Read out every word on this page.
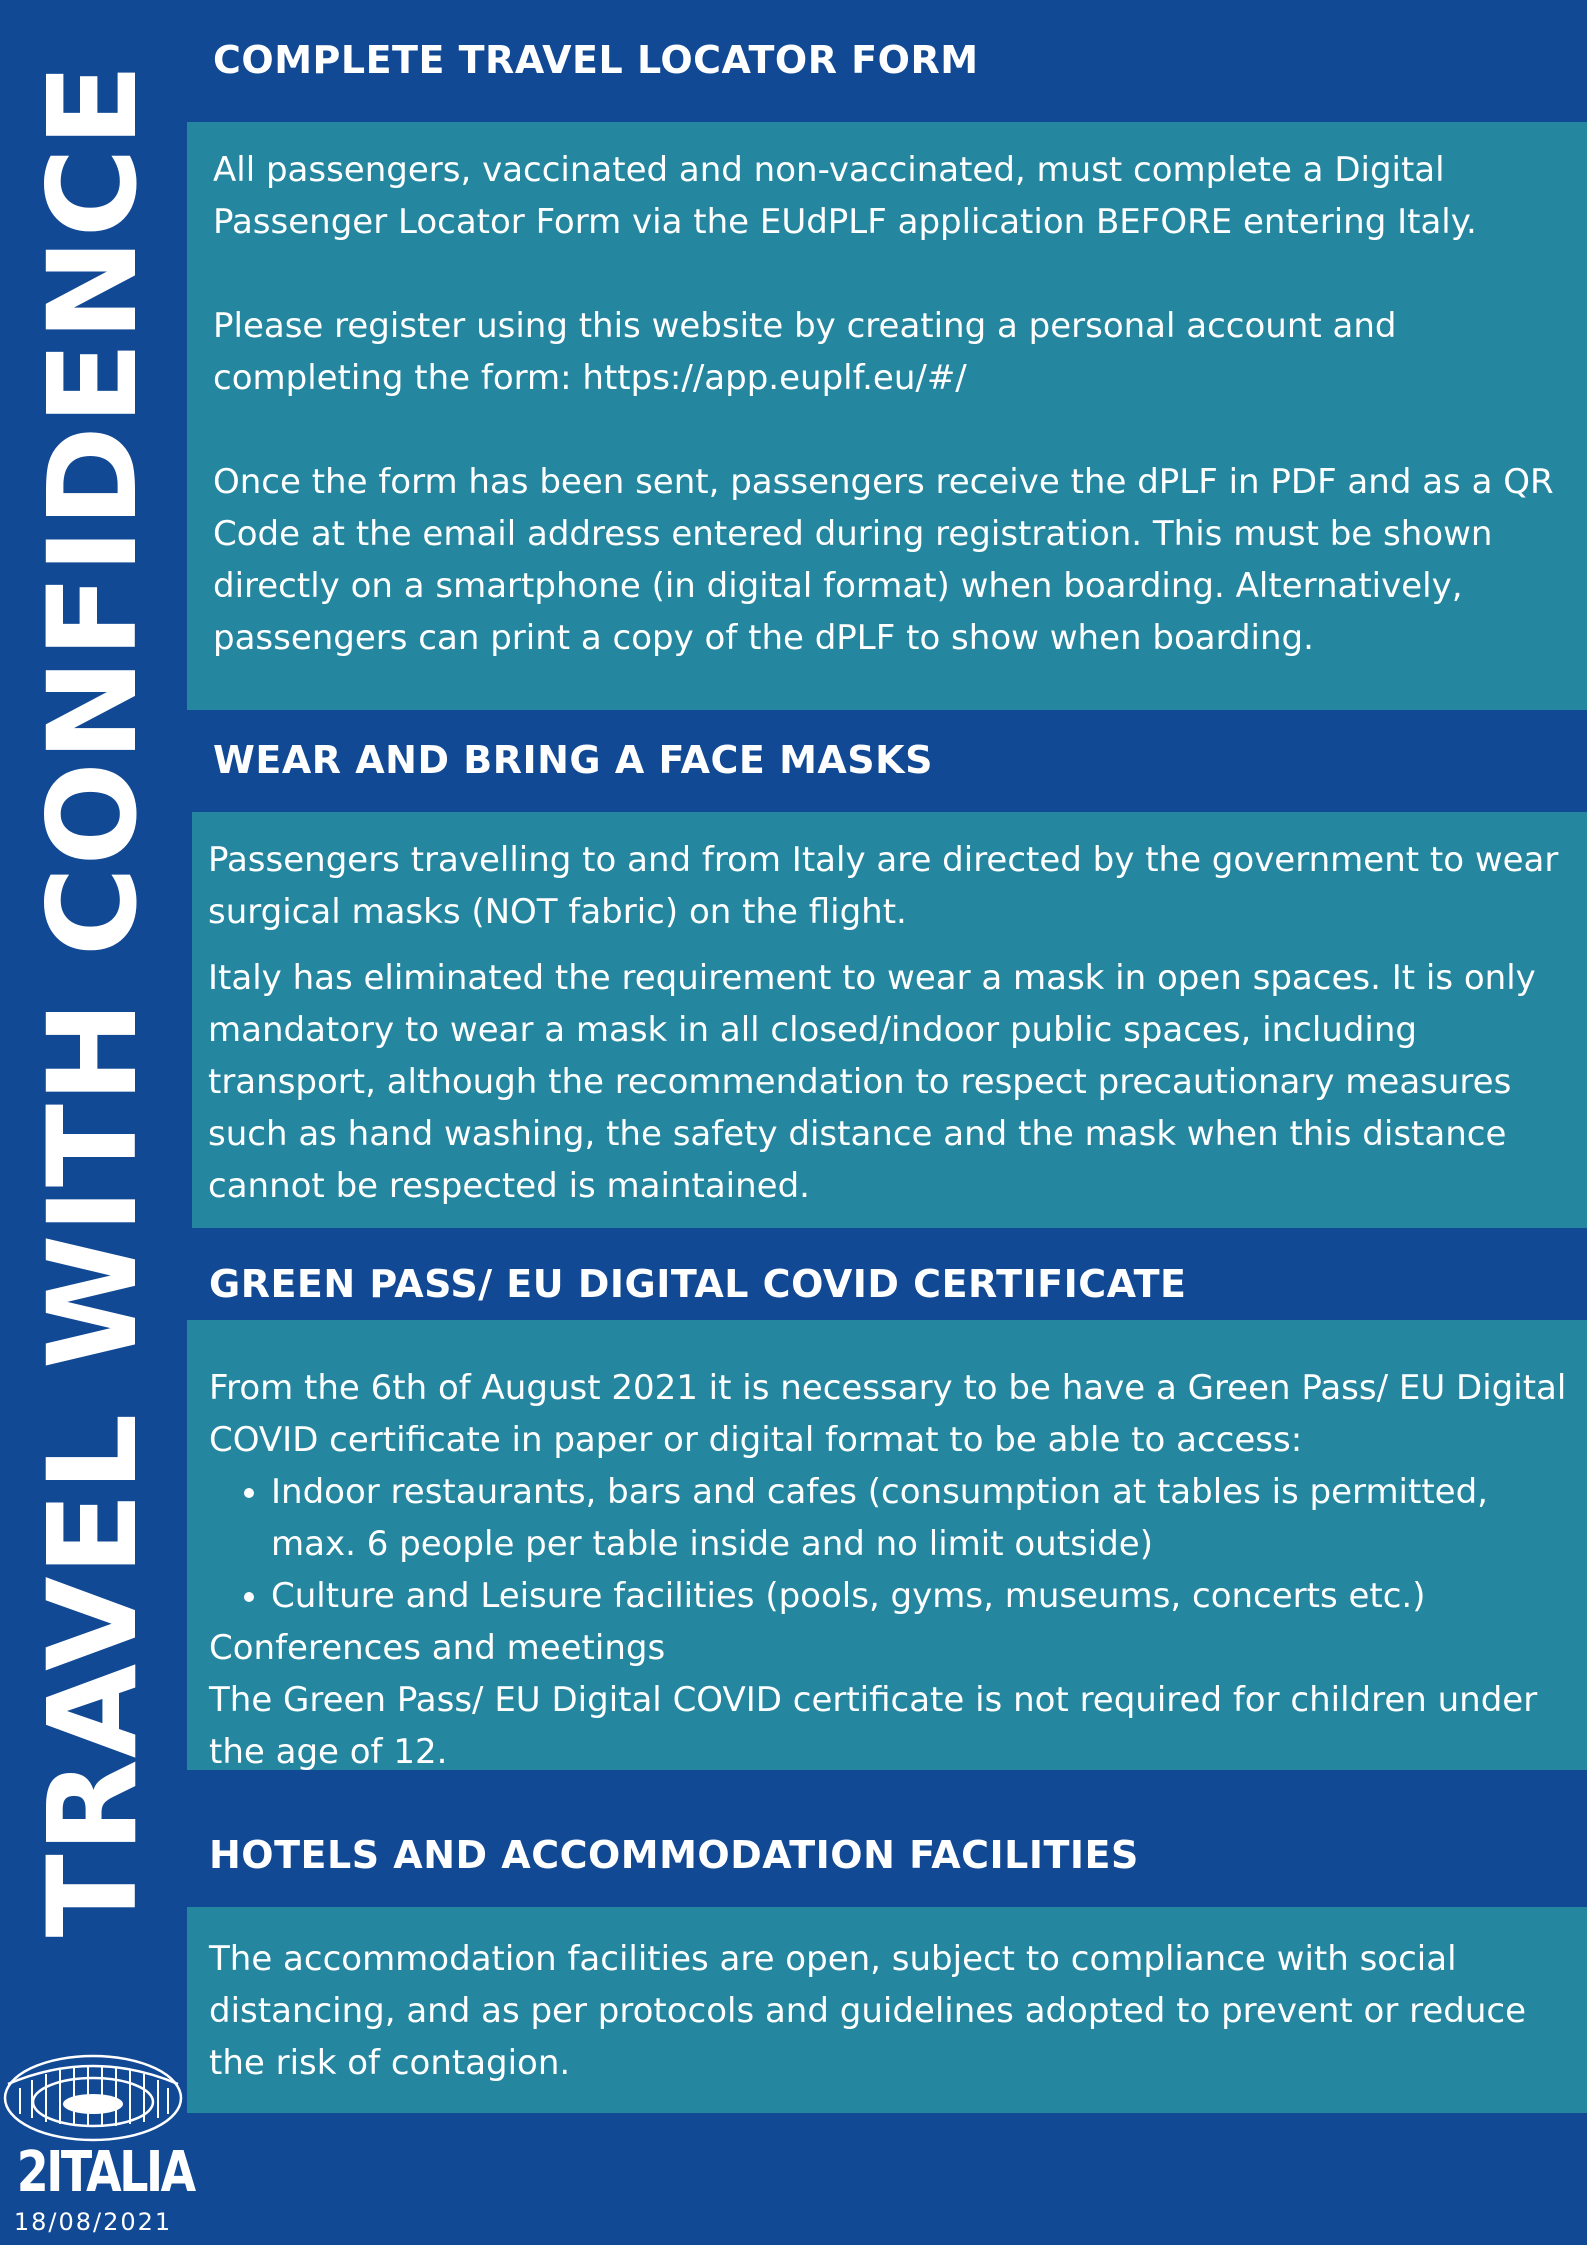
TRAVEL WITH CONFIDENCE
COMPLETE TRAVEL LOCATOR FORM

All passengers, vaccinated and non-vaccinated, must complete a Digital Passenger Locator Form via the EUdPLF application BEFORE entering Italy.

Please register using this website by creating a personal account and completing the form: https://app.euplf.eu/#/

Once the form has been sent, passengers receive the dPLF in PDF and as a QR Code at the email address entered during registration. This must be shown directly on a smartphone (in digital format) when boarding. Alternatively, passengers can print a copy of the dPLF to show when boarding.

WEAR AND BRING A FACE MASKS

Passengers travelling to and from Italy are directed by the government to wear surgical masks (NOT fabric) on the flight.

Italy has eliminated the requirement to wear a mask in open spaces. It is only mandatory to wear a mask in all closed/indoor public spaces, including transport, although the recommendation to respect precautionary measures such as hand washing, the safety distance and the mask when this distance cannot be respected is maintained.

GREEN PASS/ EU DIGITAL COVID CERTIFICATE

From the 6th of August 2021 it is necessary to be have a Green Pass/ EU Digital COVID certificate in paper or digital format to be able to access:

• Indoor restaurants, bars and cafes (consumption at tables is permitted, max. 6 people per table inside and no limit outside)
• Culture and Leisure facilities (pools, gyms, museums, concerts etc.)

Conferences and meetings

The Green Pass/ EU Digital COVID certificate is not required for children under the age of 12.

HOTELS AND ACCOMMODATION FACILITIES

The accommodation facilities are open, subject to compliance with social distancing, and as per protocols and guidelines adopted to prevent or reduce the risk of contagion.

2ITALIA
18/08/2021
